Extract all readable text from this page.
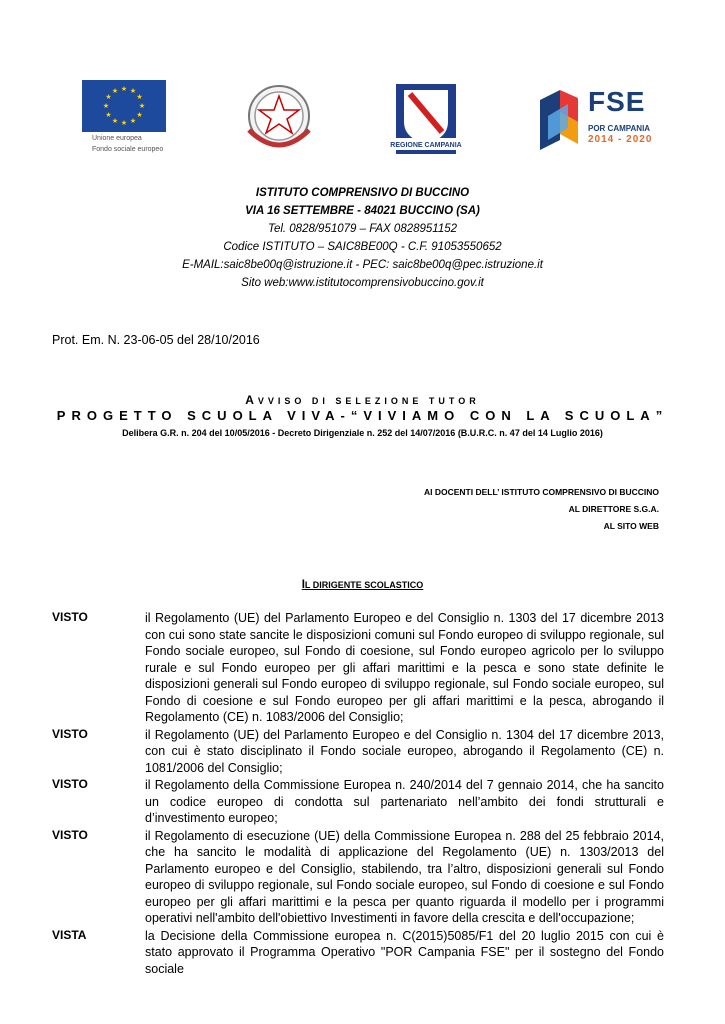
★ ★
★
★
★
★
★
★
★
★
★
★
Unione europea
Fondo sociale europeo	REPUBBLICA ITALIANA
REGIONE CAMPANIA
FSE
POR CAMPANIA
2014 - 2020
ISTITUTO COMPRENSIVO DI BUCCINO
VIA 16 SETTEMBRE - 84021 BUCCINO (SA)
Tel. 0828/951079 – FAX 0828951152
Codice ISTITUTO – SAIC8BE00Q - C.F. 91053550652
E-MAIL:saic8be00q@istruzione.it - PEC: saic8be00q@pec.istruzione.it
Sito web:www.istitutocomprensivobuccino.gov.it
Prot. Em. N. 23-06-05 del 28/10/2016
AVVISO DI SELEZIONE TUTOR
PROGETTO SCUOLA VIVA-“VIVIAMO CON LA SCUOLA”
Delibera G.R. n. 204 del 10/05/2016 - Decreto Dirigenziale n. 252 del 14/07/2016 (B.U.R.C. n. 47 del 14 Luglio 2016)
AI DOCENTI DELL’ ISTITUTO COMPRENSIVO DI BUCCINO
AL DIRETTORE S.G.A.
AL SITO WEB
IL DIRIGENTE SCOLASTICO
VISTO	il Regolamento (UE) del Parlamento Europeo e del Consiglio n. 1303 del 17 dicembre 2013 con cui sono state sancite le disposizioni comuni sul Fondo europeo di sviluppo regionale, sul Fondo sociale europeo, sul Fondo di coesione, sul Fondo europeo agricolo per lo sviluppo rurale e sul Fondo europeo per gli affari marittimi e la pesca e sono state definite le disposizioni generali sul Fondo europeo di sviluppo regionale, sul Fondo sociale europeo, sul Fondo di coesione e sul Fondo europeo per gli affari marittimi e la pesca, abrogando il Regolamento (CE) n. 1083/2006 del Consiglio;
VISTO	il Regolamento (UE) del Parlamento Europeo e del Consiglio n. 1304 del 17 dicembre 2013, con cui è stato disciplinato il Fondo sociale europeo, abrogando il Regolamento (CE) n. 1081/2006 del Consiglio;
VISTO	il Regolamento della Commissione Europea n. 240/2014 del 7 gennaio 2014, che ha sancito un codice europeo di condotta sul partenariato nell’ambito dei fondi strutturali e d’investimento europeo;
VISTO	il Regolamento di esecuzione (UE) della Commissione Europea n. 288 del 25 febbraio 2014, che ha sancito le modalità di applicazione del Regolamento (UE) n. 1303/2013 del Parlamento europeo e del Consiglio, stabilendo, tra l’altro, disposizioni generali sul Fondo europeo di sviluppo regionale, sul Fondo sociale europeo, sul Fondo di coesione e sul Fondo europeo per gli affari marittimi e la pesca per quanto riguarda il modello per i programmi operativi nell'ambito dell'obiettivo Investimenti in favore della crescita e dell'occupazione;
VISTA	la Decisione della Commissione europea n. C(2015)5085/F1 del 20 luglio 2015 con cui è stato approvato il Programma Operativo "POR Campania FSE" per il sostegno del Fondo sociale
